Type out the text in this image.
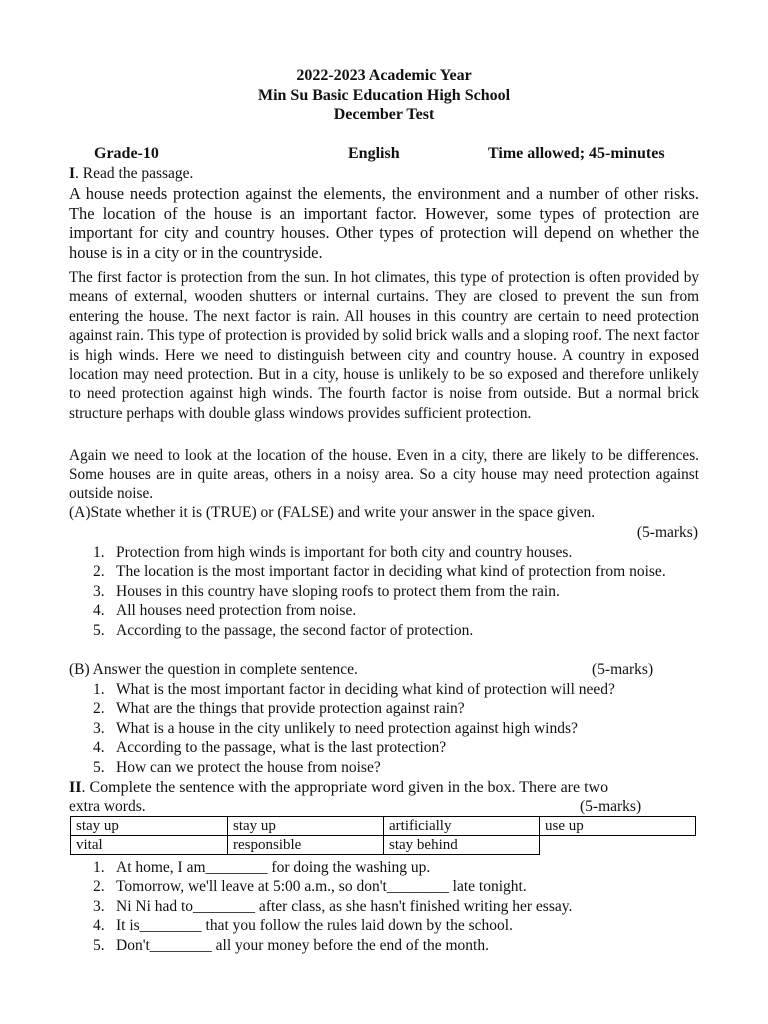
2022-2023 Academic Year
Min Su Basic Education High School
December Test
Grade-10	English	Time allowed; 45-minutes
I. Read the passage.
A house needs protection against the elements, the environment and a number of other risks. The location of the house is an important factor. However, some types of protection are important for city and country houses. Other types of protection will depend on whether the house is in a city or in the countryside.
The first factor is protection from the sun. In hot climates, this type of protection is often provided by means of external, wooden shutters or internal curtains. They are closed to prevent the sun from entering the house. The next factor is rain. All houses in this country are certain to need protection against rain. This type of protection is provided by solid brick walls and a sloping roof. The next factor is high winds. Here we need to distinguish between city and country house. A country in exposed location may need protection. But in a city, house is unlikely to be so exposed and therefore unlikely to need protection against high winds. The fourth factor is noise from outside. But a normal brick structure perhaps with double glass windows provides sufficient protection.
Again we need to look at the location of the house. Even in a city, there are likely to be differences. Some houses are in quite areas, others in a noisy area. So a city house may need protection against outside noise.
(A)State whether it is (TRUE) or (FALSE) and write your answer in the space given.
(5-marks)
1. Protection from high winds is important for both city and country houses.
2. The location is the most important factor in deciding what kind of protection from noise.
3. Houses in this country have sloping roofs to protect them from the rain.
4. All houses need protection from noise.
5. According to the passage, the second factor of protection.
(B) Answer the question in complete sentence.	(5-marks)
1. What is the most important factor in deciding what kind of protection will need?
2. What are the things that provide protection against rain?
3. What is a house in the city unlikely to need protection against high winds?
4. According to the passage, what is the last protection?
5. How can we protect the house from noise?
II. Complete the sentence with the appropriate word given in the box. There are two
extra words.	(5-marks)
stay up	stay up	artificially	use up
vital	responsible	stay behind	
1. At home, I am________ for doing the washing up.
2. Tomorrow, we'll leave at 5:00 a.m., so don't________ late tonight.
3. Ni Ni had to________ after class, as she hasn't finished writing her essay.
4. It is________ that you follow the rules laid down by the school.
5. Don't________ all your money before the end of the month.
